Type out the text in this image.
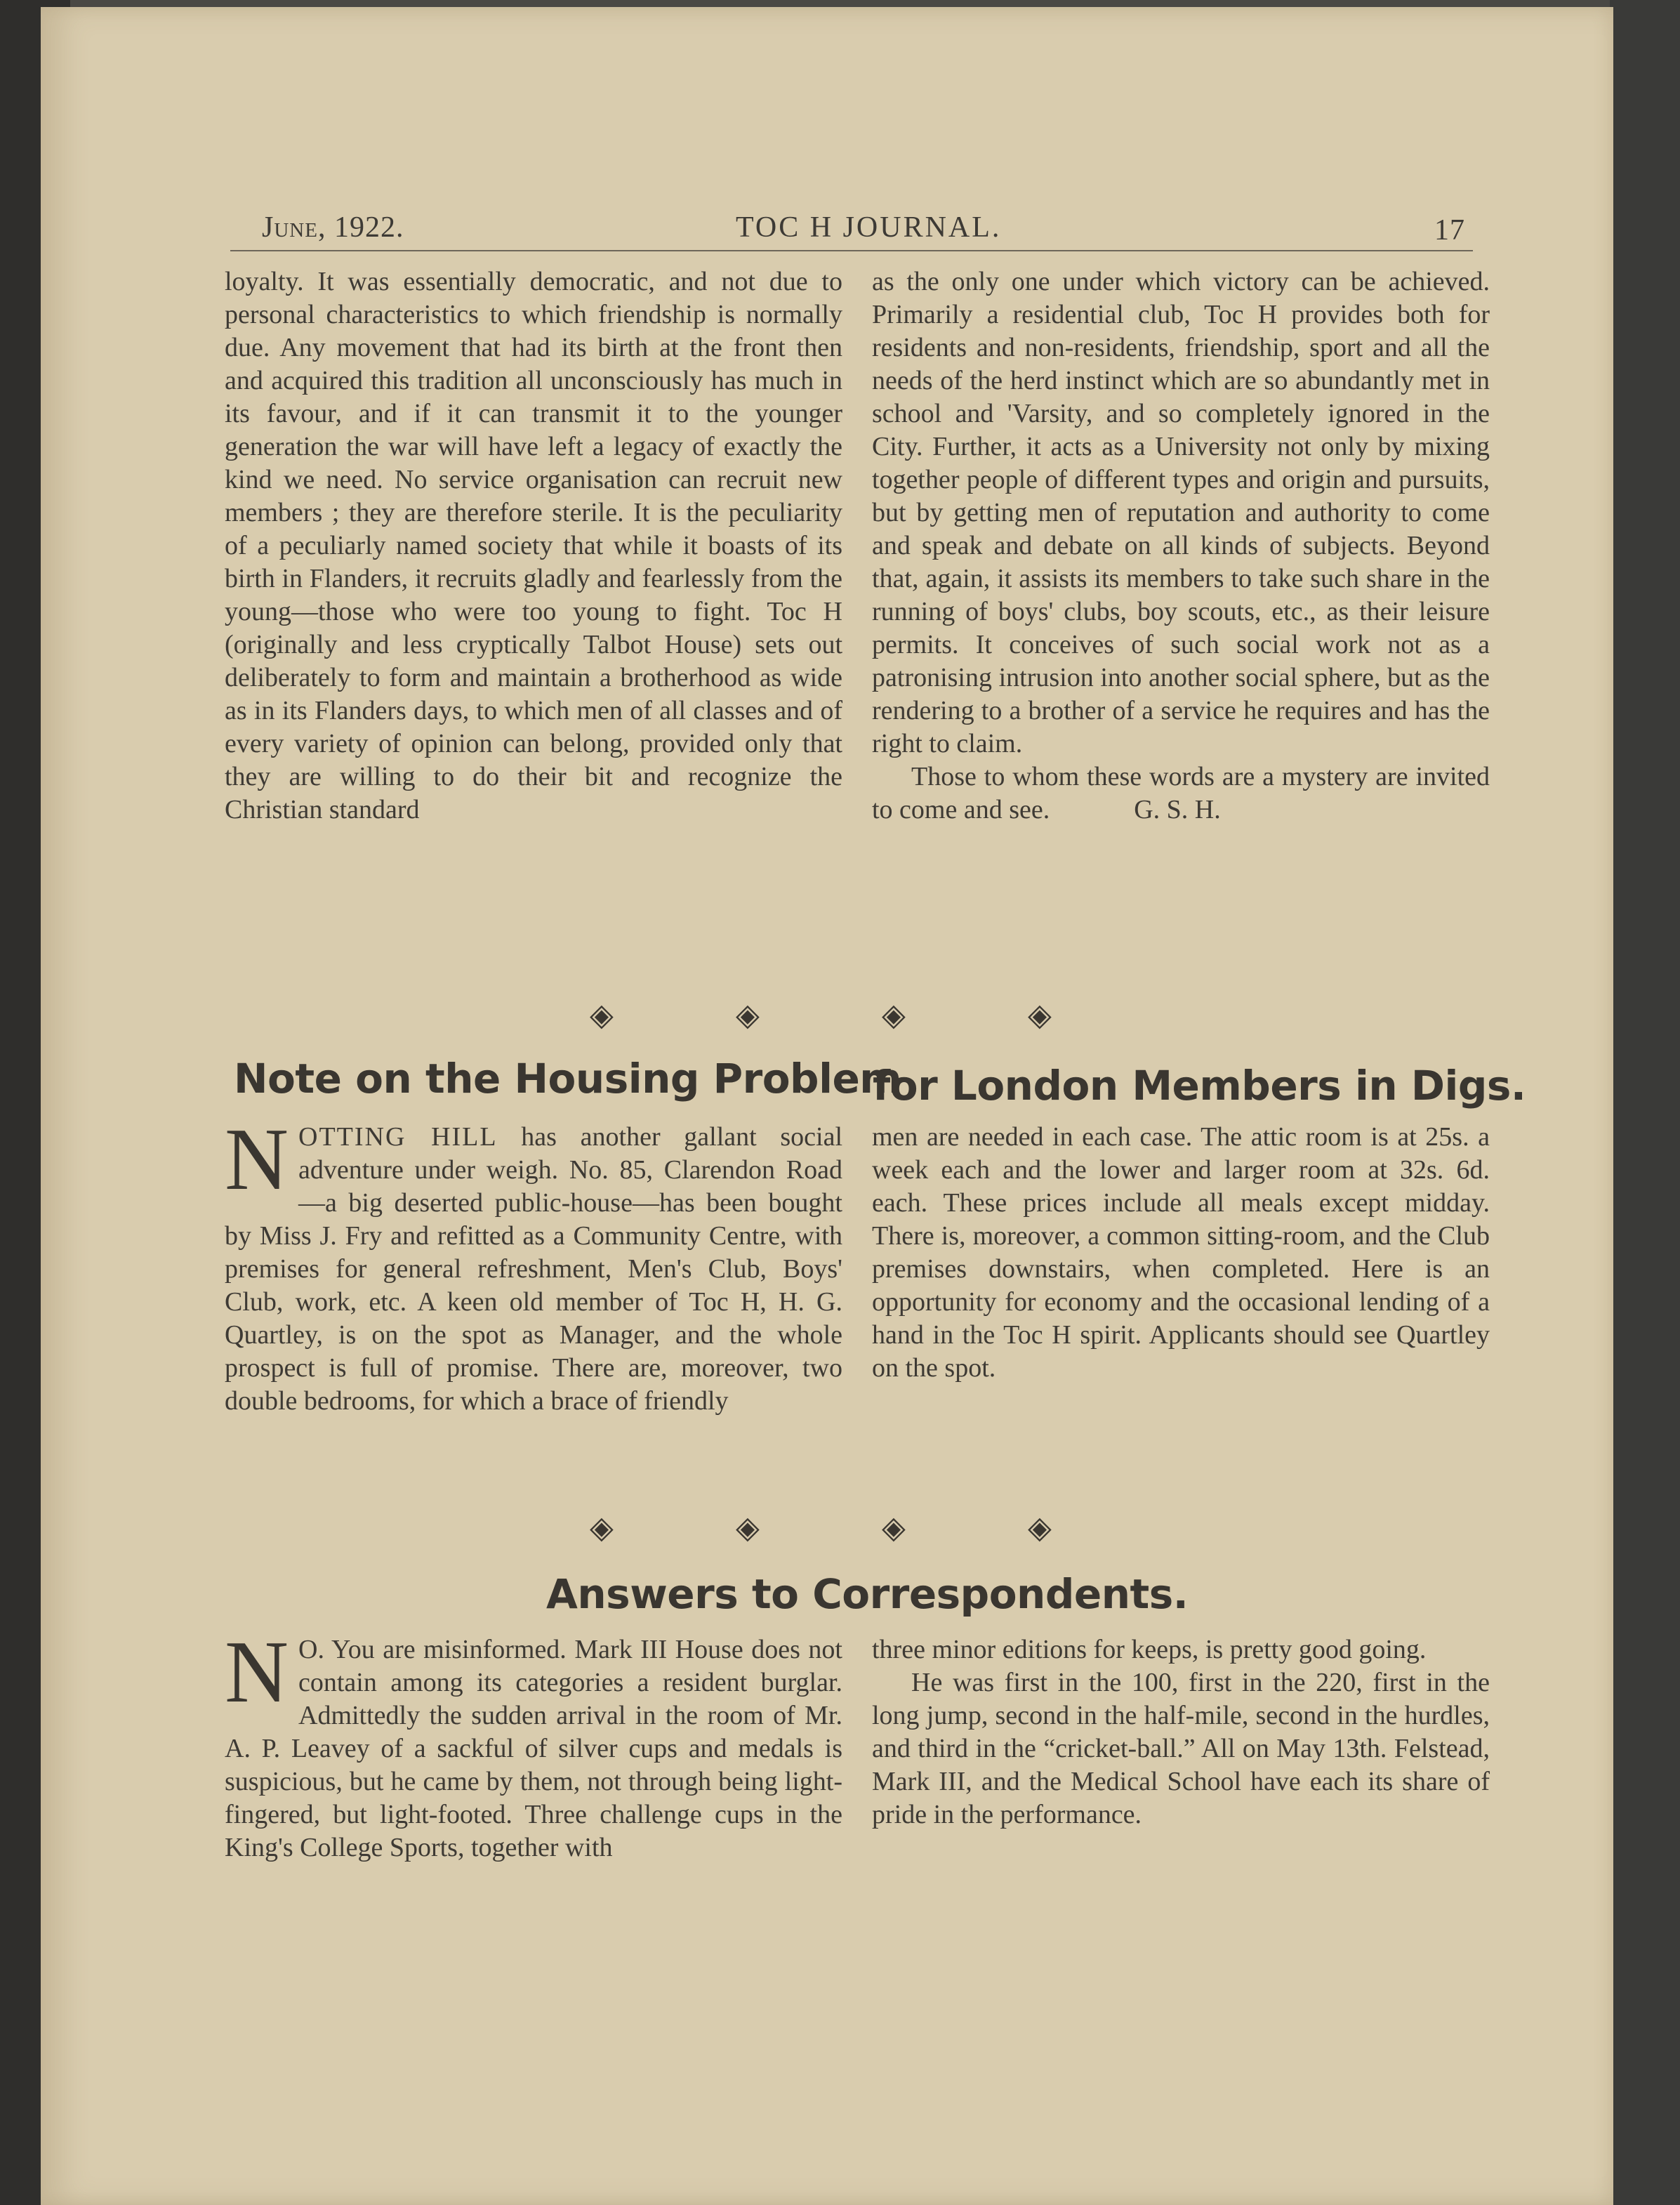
June, 1922.	TOC H JOURNAL.	17

loyalty. It was essentially democratic, and not due to personal characteristics to which friendship is normally due. Any movement that had its birth at the front then and acquired this tradition all unconsciously has much in its favour, and if it can transmit it to the younger generation the war will have left a legacy of exactly the kind we need. No service organisation can recruit new members ; they are therefore sterile. It is the peculiarity of a peculiarly named society that while it boasts of its birth in Flanders, it recruits gladly and fearlessly from the young—those who were too young to fight. Toc H (originally and less cryptically Talbot House) sets out deliberately to form and maintain a brotherhood as wide as in its Flanders days, to which men of all classes and of every variety of opinion can belong, provided only that they are willing to do their bit and recognize the Christian standard

as the only one under which victory can be achieved. Primarily a residential club, Toc H provides both for residents and non-residents, friendship, sport and all the needs of the herd instinct which are so abundantly met in school and 'Varsity, and so completely ignored in the City. Further, it acts as a University not only by mixing together people of different types and origin and pursuits, but by getting men of reputation and authority to come and speak and debate on all kinds of subjects. Beyond that, again, it assists its members to take such share in the running of boys' clubs, boy scouts, etc., as their leisure permits. It conceives of such social work not as a patronising intrusion into another social sphere, but as the rendering to a brother of a service he requires and has the right to claim.

Those to whom these words are a mystery are invited to come and see.	G. S. H.

◈	◈	◈	◈
Note on the Housing Problem
for London Members in Digs.

NOTTING HILL has another gallant social adventure under weigh. No. 85, Clarendon Road—a big deserted public-house—has been bought by Miss J. Fry and refitted as a Community Centre, with premises for general refreshment, Men's Club, Boys' Club, work, etc. A keen old member of Toc H, H. G. Quartley, is on the spot as Manager, and the whole prospect is full of promise. There are, moreover, two double bedrooms, for which a brace of friendly

men are needed in each case. The attic room is at 25s. a week each and the lower and larger room at 32s. 6d. each. These prices include all meals except midday. There is, moreover, a common sitting-room, and the Club premises downstairs, when completed. Here is an opportunity for economy and the occasional lending of a hand in the Toc H spirit. Applicants should see Quartley on the spot.

◈	◈	◈	◈
Answers to Correspondents.

N O. You are misinformed. Mark III House does not contain among its categories a resident burglar. Admittedly the sudden arrival in the room of Mr. A. P. Leavey of a sackful of silver cups and medals is suspicious, but he came by them, not through being light-fingered, but light-footed. Three challenge cups in the King's College Sports, together with

three minor editions for keeps, is pretty good going.

He was first in the 100, first in the 220, first in the long jump, second in the half-mile, second in the hurdles, and third in the “cricket-ball.” All on May 13th. Felstead, Mark III, and the Medical School have each its share of pride in the performance.
